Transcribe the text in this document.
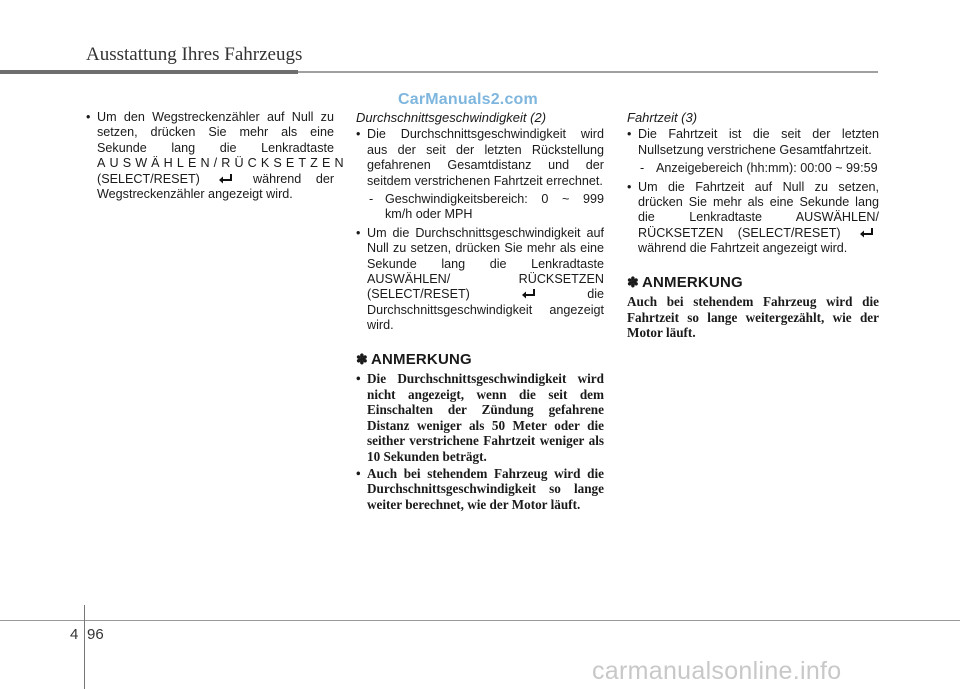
Ausstattung Ihres Fahrzeugs
CarManuals2.com
• Um den Wegstreckenzähler auf Null zu setzen, drücken Sie mehr als eine Sekunde lang die Lenkradtaste AUSWÄHLEN/RÜCKSETZEN (SELECT/RESET)	während der Wegstreckenzähler angezeigt wird.
Durchschnittsgeschwindigkeit (2)
• Die Durchschnittsgeschwindigkeit wird aus der seit der letzten Rückstellung gefahrenen Gesamtdistanz und der seitdem verstrichenen Fahrtzeit errechnet.
- Geschwindigkeitsbereich: 0 ~ 999 km/h oder MPH
• Um die Durchschnittsgeschwindigkeit auf Null zu setzen, drücken Sie mehr als eine Sekunde lang die Lenkradtaste AUSWÄHLEN/ RÜCKSETZEN (SELECT/RESET)	die Durchschnittsgeschwindigkeit angezeigt wird.
✽ ANMERKUNG
• Die Durchschnittsgeschwindigkeit wird nicht angezeigt, wenn die seit dem Einschalten der Zündung gefahrene Distanz weniger als 50 Meter oder die seither verstrichene Fahrtzeit weniger als 10 Sekunden beträgt.
• Auch bei stehendem Fahrzeug wird die Durchschnittsgeschwindigkeit so lange weiter berechnet, wie der Motor läuft.
Fahrtzeit (3)
• Die Fahrtzeit ist die seit der letzten Nullsetzung verstrichene Gesamtfahrtzeit.
- Anzeigebereich (hh:mm): 00:00 ~ 99:59
• Um die Fahrtzeit auf Null zu setzen, drücken Sie mehr als eine Sekunde lang die Lenkradtaste AUSWÄHLEN/ RÜCKSETZEN (SELECT/RESET)  während die Fahrtzeit angezeigt wird.
✽ ANMERKUNG
Auch bei stehendem Fahrzeug wird die Fahrtzeit so lange weitergezählt, wie der Motor läuft.
4 96
carmanualsonline.info
